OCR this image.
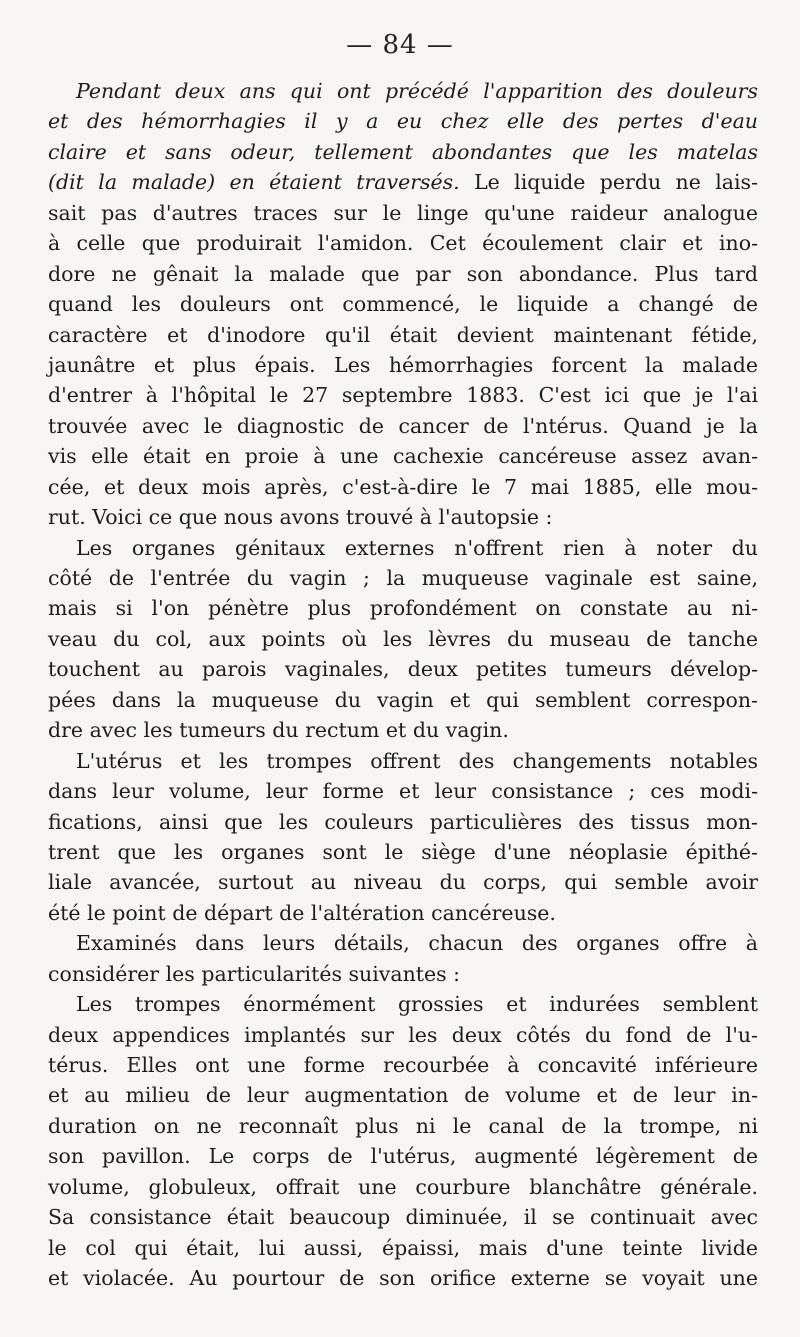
— 84 —
Pendant deux ans qui ont précédé l'apparition des douleurs
et des hémorrhagies il y a eu chez elle des pertes d'eau
claire et sans odeur, tellement abondantes que les matelas
(dit la malade) en étaient traversés. Le liquide perdu ne lais-
sait pas d'autres traces sur le linge qu'une raideur analogue
à celle que produirait l'amidon. Cet écoulement clair et ino-
dore ne gênait la malade que par son abondance. Plus tard
quand les douleurs ont commencé, le liquide a changé de
caractère et d'inodore qu'il était devient maintenant fétide,
jaunâtre et plus épais. Les hémorrhagies forcent la malade
d'entrer à l'hôpital le 27 septembre 1883. C'est ici que je l'ai
trouvée avec le diagnostic de cancer de l'ntérus. Quand je la
vis elle était en proie à une cachexie cancéreuse assez avan-
cée, et deux mois après, c'est-à-dire le 7 mai 1885, elle mou-
rut. Voici ce que nous avons trouvé à l'autopsie :
Les organes génitaux externes n'offrent rien à noter du
côté de l'entrée du vagin ; la muqueuse vaginale est saine,
mais si l'on pénètre plus profondément on constate au ni-
veau du col, aux points où les lèvres du museau de tanche
touchent au parois vaginales, deux petites tumeurs dévelop-
pées dans la muqueuse du vagin et qui semblent correspon-
dre avec les tumeurs du rectum et du vagin.
L'utérus et les trompes offrent des changements notables
dans leur volume, leur forme et leur consistance ; ces modi-
fications, ainsi que les couleurs particulières des tissus mon-
trent que les organes sont le siège d'une néoplasie épithé-
liale avancée, surtout au niveau du corps, qui semble avoir
été le point de départ de l'altération cancéreuse.
Examinés dans leurs détails, chacun des organes offre à
considérer les particularités suivantes :
Les trompes énormément grossies et indurées semblent
deux appendices implantés sur les deux côtés du fond de l'u-
térus. Elles ont une forme recourbée à concavité inférieure
et au milieu de leur augmentation de volume et de leur in-
duration on ne reconnaît plus ni le canal de la trompe, ni
son pavillon. Le corps de l'utérus, augmenté légèrement de
volume, globuleux, offrait une courbure blanchâtre générale.
Sa consistance était beaucoup diminuée, il se continuait avec
le col qui était, lui aussi, épaissi, mais d'une teinte livide
et violacée. Au pourtour de son orifice externe se voyait une
